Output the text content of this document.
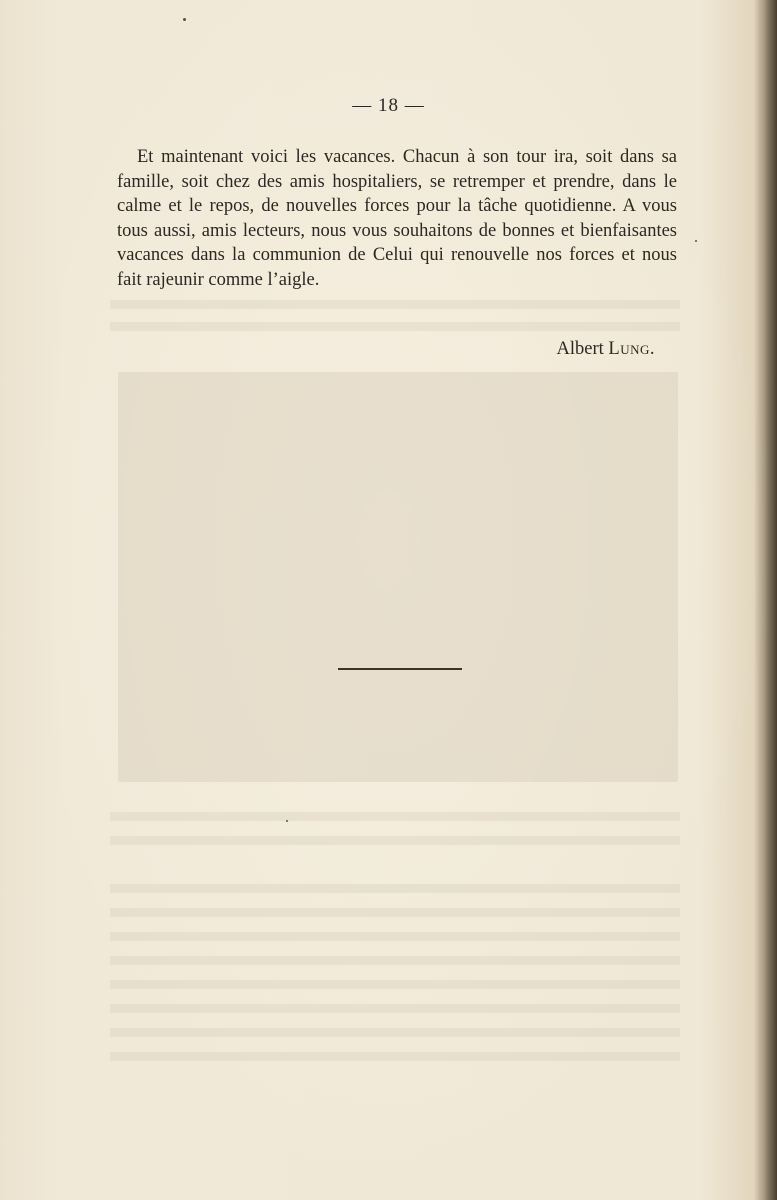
— 18 —

Et maintenant voici les vacances. Chacun à son tour ira, soit dans sa famille, soit chez des amis hospitaliers, se retremper et prendre, dans le calme et le repos, de nouvelles forces pour la tâche quotidienne. A vous tous aussi, amis lecteurs, nous vous souhaitons de bonnes et bienfaisantes vacances dans la communion de Celui qui renouvelle nos forces et nous fait rajeunir comme l’aigle.

Albert Lung.
